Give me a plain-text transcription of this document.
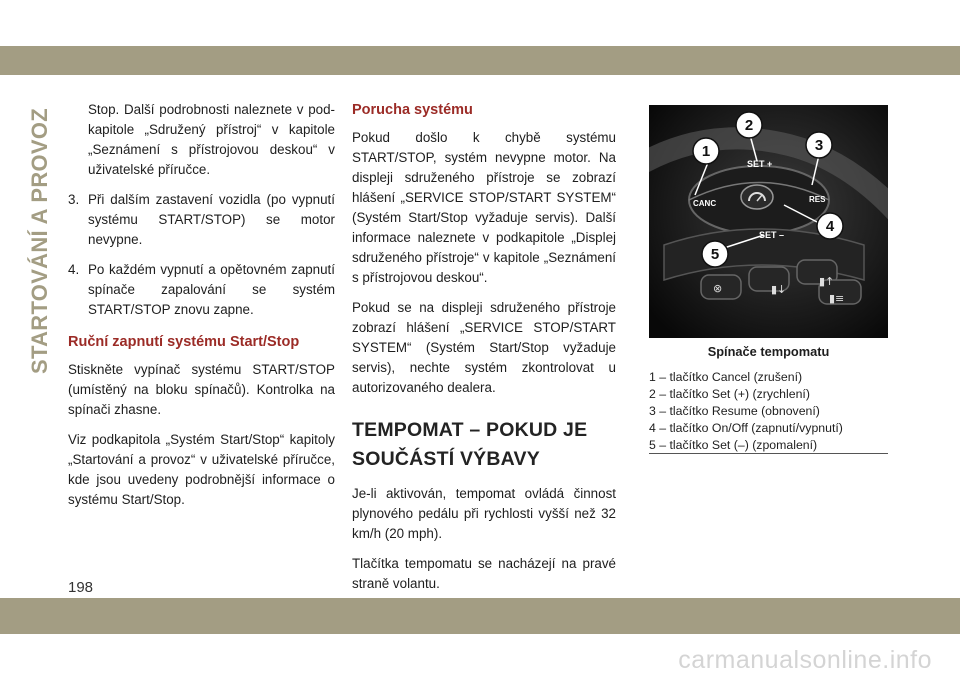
STARTOVÁNÍ A PROVOZ	Stop. Další podrobnosti naleznete v pod-kapitole „Sdružený přístroj“ v kapitole „Seznámení s přístrojovou deskou“ v uživatelské příručce.

3. Při dalším zastavení vozidla (po vypnutí systému START/STOP) se motor nevypne.
4. Po každém vypnutí a opětovném zapnutí spínače zapalování se systém START/STOP znovu zapne.
Ruční zapnutí systému Start/Stop

Stiskněte vypínač systému START/STOP (umístěný na bloku spínačů). Kontrolka na spínači zhasne.

Viz podkapitola „Systém Start/Stop“ kapitoly „Startování a provoz“ v uživatelské příručce, kde jsou uvedeny podrobnější informace o systému Start/Stop.

Porucha systému

Pokud došlo k chybě systému START/STOP, systém nevypne motor. Na displeji sdruženého přístroje se zobrazí hlášení „SERVICE STOP/START SYSTEM“ (Systém Start/Stop vyžaduje servis). Další informace naleznete v podkapitole „Displej sdruženého přístroje“ v kapitole „Seznámení s přístrojovou deskou“.

Pokud se na displeji sdruženého přístroje zobrazí hlášení „SERVICE STOP/START SYSTEM“ (Systém Start/Stop vyžaduje servis), nechte systém zkontrolovat u autorizovaného dealera.

TEMPOMAT – POKUD JE SOUČÁSTÍ VÝBAVY

Je-li aktivován, tempomat ovládá činnost plynového pedálu při rychlosti vyšší než 32 km/h (20 mph).

Tlačítka tempomatu se nacházejí na pravé straně volantu.

▮↓
▮↑
⊗
▮≡
SET +
SET –
CANC	RES
1
2
3
4
5
Spínače tempomatu
1 – tlačítko Cancel (zrušení)
2 – tlačítko Set (+) (zrychlení)
3 – tlačítko Resume (obnovení)
4 – tlačítko On/Off (zapnutí/vypnutí)
5 – tlačítko Set (–) (zpomalení)
198
carmanualsonline.info
